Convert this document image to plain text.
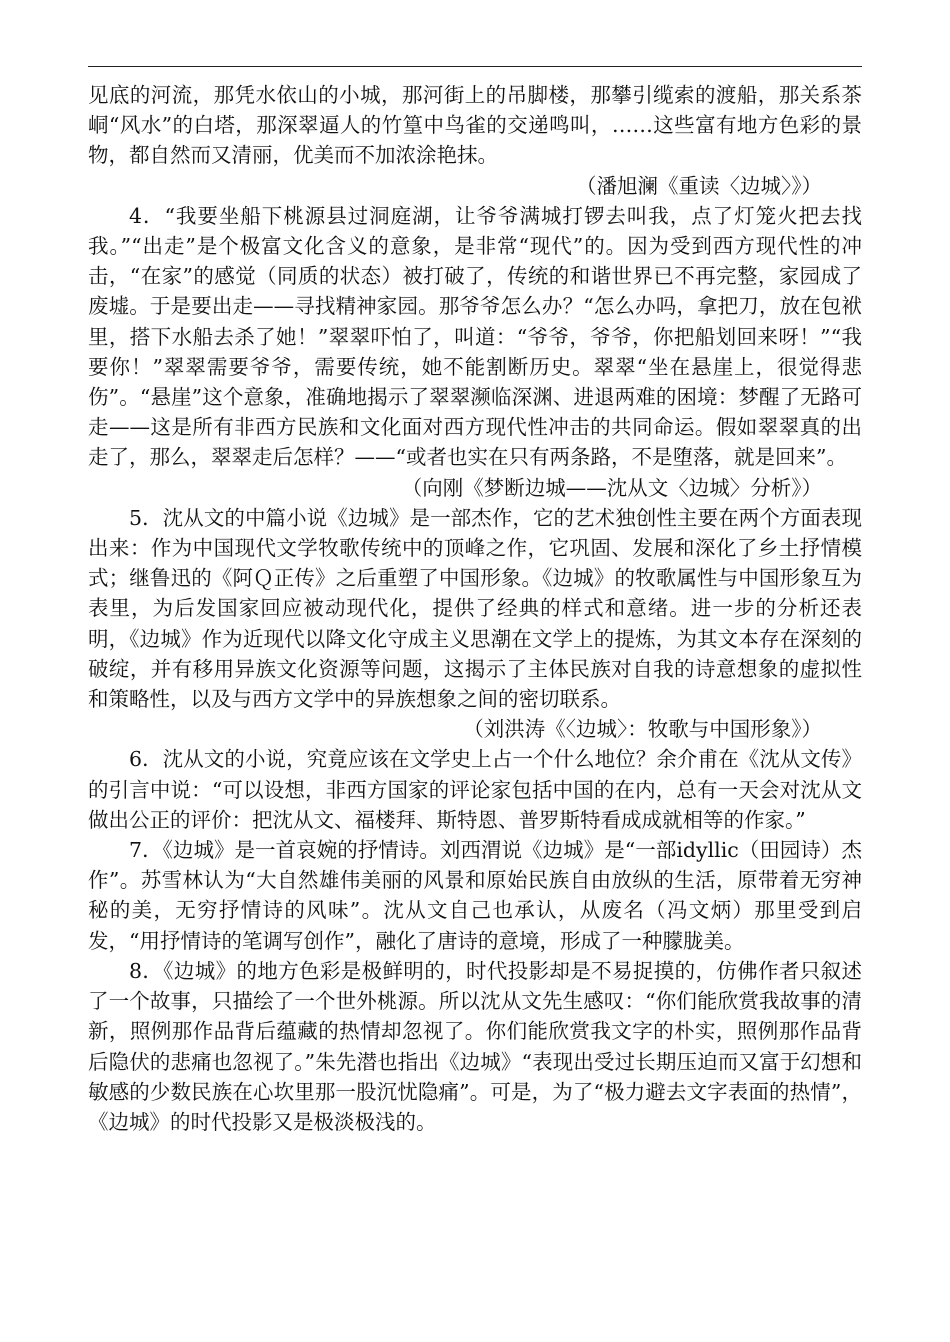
见底的河流，那凭水依山的小城，那河街上的吊脚楼，那攀引缆索的渡船，那关系茶峒“风水”的白塔，那深翠逼人的竹篁中鸟雀的交递鸣叫，……这些富有地方色彩的景物，都自然而又清丽，优美而不加浓涂艳抹。

（潘旭澜《重读〈边城〉》）

4．“我要坐船下桃源县过洞庭湖，让爷爷满城打锣去叫我，点了灯笼火把去找我。”“出走”是个极富文化含义的意象，是非常“现代”的。因为受到西方现代性的冲击，“在家”的感觉（同质的状态）被打破了，传统的和谐世界已不再完整，家园成了废墟。于是要出走——寻找精神家园。那爷爷怎么办？“怎么办吗，拿把刀，放在包袱里，搭下水船去杀了她！”翠翠吓怕了，叫道：“爷爷，爷爷，你把船划回来呀！”“我要你！”翠翠需要爷爷，需要传统，她不能割断历史。翠翠“坐在悬崖上，很觉得悲伤”。“悬崖”这个意象，准确地揭示了翠翠濒临深渊、进退两难的困境：梦醒了无路可走——这是所有非西方民族和文化面对西方现代性冲击的共同命运。假如翠翠真的出走了，那么，翠翠走后怎样？——“或者也实在只有两条路，不是堕落，就是回来”。

（向刚《梦断边城——沈从文〈边城〉分析》）

5．沈从文的中篇小说《边城》是一部杰作，它的艺术独创性主要在两个方面表现出来：作为中国现代文学牧歌传统中的顶峰之作，它巩固、发展和深化了乡土抒情模式；继鲁迅的《阿Ｑ正传》之后重塑了中国形象。《边城》的牧歌属性与中国形象互为表里，为后发国家回应被动现代化，提供了经典的样式和意绪。进一步的分析还表明，《边城》作为近现代以降文化守成主义思潮在文学上的提炼，为其文本存在深刻的破绽，并有移用异族文化资源等问题，这揭示了主体民族对自我的诗意想象的虚拟性和策略性，以及与西方文学中的异族想象之间的密切联系。

（刘洪涛《〈边城〉：牧歌与中国形象》）

6．沈从文的小说，究竟应该在文学史上占一个什么地位？余介甫在《沈从文传》的引言中说：“可以设想，非西方国家的评论家包括中国的在内，总有一天会对沈从文做出公正的评价：把沈从文、福楼拜、斯特恩、普罗斯特看成成就相等的作家。”

7．《边城》是一首哀婉的抒情诗。刘西渭说《边城》是“一部idyllic（田园诗）杰作”。苏雪林认为“大自然雄伟美丽的风景和原始民族自由放纵的生活，原带着无穷神秘的美，无穷抒情诗的风味”。沈从文自己也承认，从废名（冯文炳）那里受到启发，“用抒情诗的笔调写创作”，融化了唐诗的意境，形成了一种朦胧美。

8．《边城》的地方色彩是极鲜明的，时代投影却是不易捉摸的，仿佛作者只叙述了一个故事，只描绘了一个世外桃源。所以沈从文先生感叹：“你们能欣赏我故事的清新，照例那作品背后蕴藏的热情却忽视了。你们能欣赏我文字的朴实，照例那作品背后隐伏的悲痛也忽视了。”朱先潜也指出《边城》“表现出受过长期压迫而又富于幻想和敏感的少数民族在心坎里那一股沉忧隐痛”。可是，为了“极力避去文字表面的热情”，《边城》的时代投影又是极淡极浅的。
